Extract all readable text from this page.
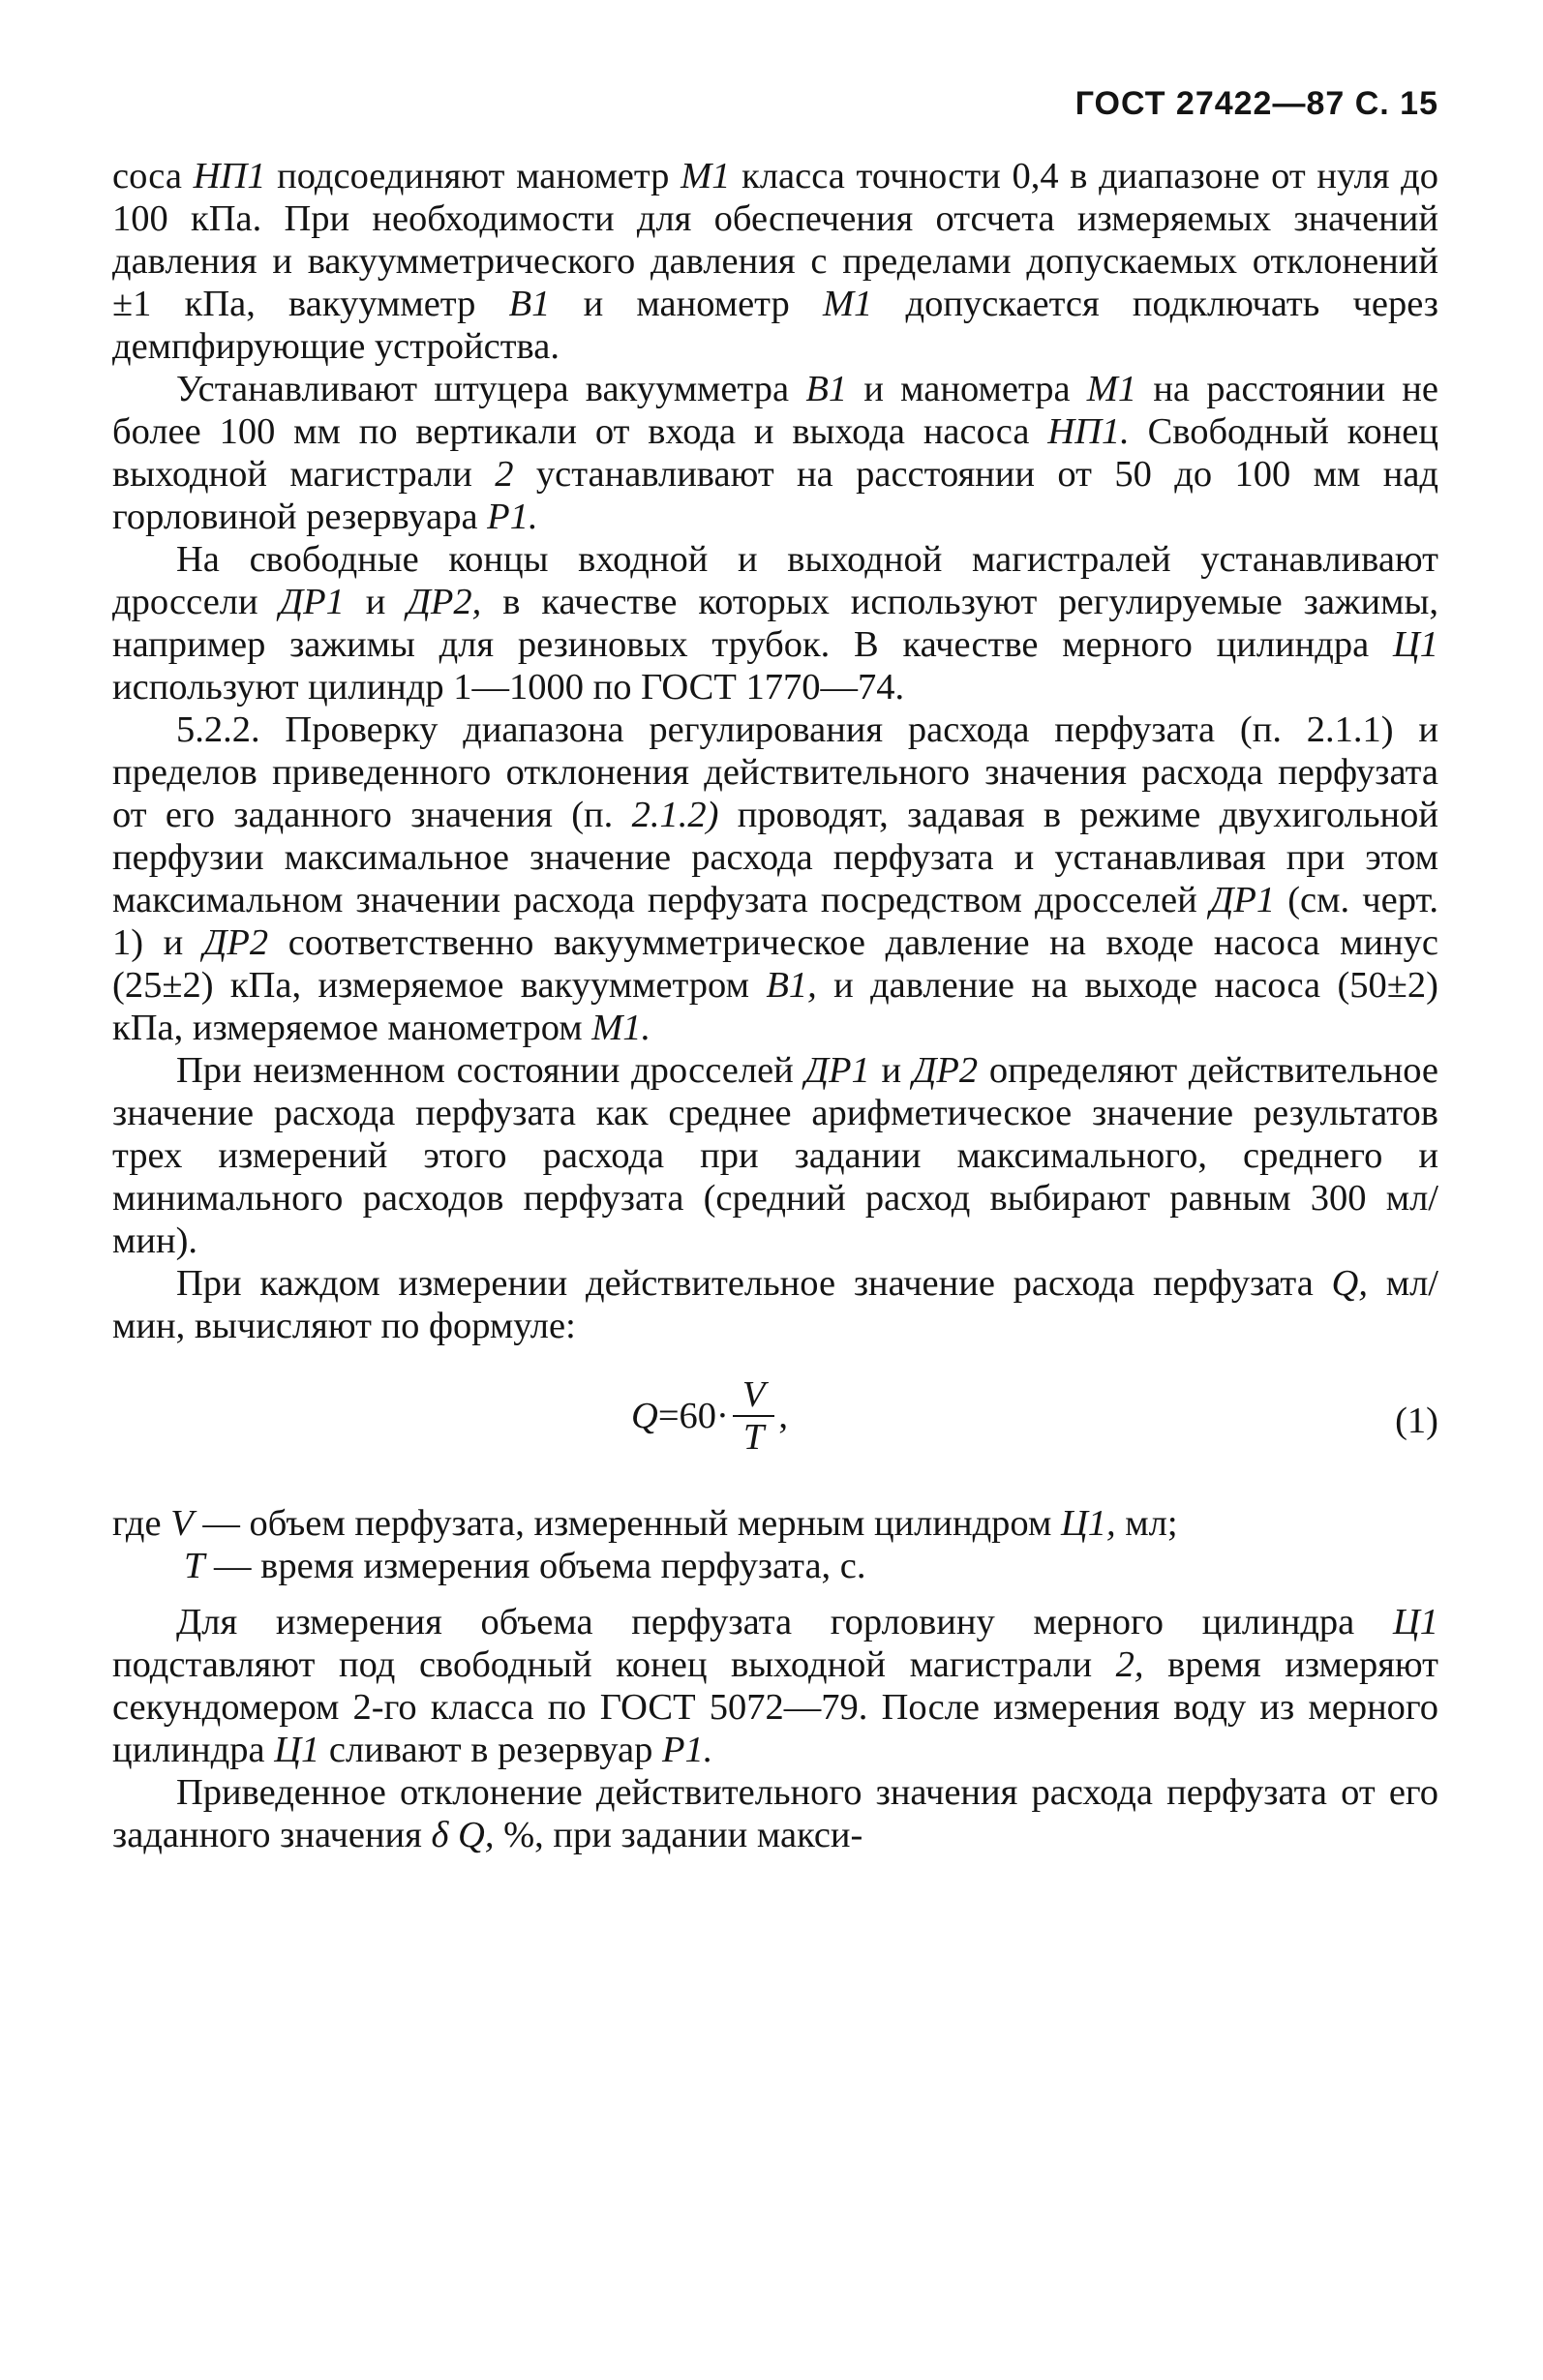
ГОСТ 27422—87 С. 15

соса НП1 подсоединяют манометр М1 класса точности 0,4 в диапазоне от нуля до 100 кПа. При необходимости для обеспечения отсчета измеряемых значений давления и вакуумметрического давления с пределами допускаемых отклонений ±1 кПа, вакуумметр В1 и манометр М1 допускается подключать через демпфирующие устройства.

Устанавливают штуцера вакуумметра В1 и манометра М1 на расстоянии не более 100 мм по вертикали от входа и выхода насоса НП1. Свободный конец выходной магистрали 2 устанавливают на расстоянии от 50 до 100 мм над горловиной резервуара Р1.

На свободные концы входной и выходной магистралей устанавливают дроссели ДР1 и ДР2, в качестве которых используют регулируемые зажимы, например зажимы для резиновых трубок. В качестве мерного цилиндра Ц1 используют цилиндр 1—1000 по ГОСТ 1770—74.

5.2.2. Проверку диапазона регулирования расхода перфузата (п. 2.1.1) и пределов приведенного отклонения действительного значения расхода перфузата от его заданного значения (п. 2.1.2) проводят, задавая в режиме двухигольной перфузии максимальное значение расхода перфузата и устанавливая при этом максимальном значении расхода перфузата посредством дросселей ДР1 (см. черт. 1) и ДР2 соответственно вакуумметрическое давление на входе насоса минус (25±2) кПа, измеряемое вакуумметром В1, и давление на выходе насоса (50±2) кПа, измеряемое манометром М1.

При неизменном состоянии дросселей ДР1 и ДР2 определяют действительное значение расхода перфузата как среднее арифметическое значение результатов трех измерений этого расхода при задании максимального, среднего и минимального расходов перфузата (средний расход выбирают равным 300 мл/мин).

При каждом измерении действительное значение расхода перфузата Q, мл/мин, вычисляют по формуле:

$Q =60\cdot \frac{V}{T}$ ,	(1)

где V — объем перфузата, измеренный мерным цилиндром Ц1, мл;
T — время измерения объема перфузата, с.

Для измерения объема перфузата горловину мерного цилиндра Ц1 подставляют под свободный конец выходной магистрали 2, время измеряют секундомером 2-го класса по ГОСТ 5072—79. После измерения воду из мерного цилиндра Ц1 сливают в резервуар Р1.

Приведенное отклонение действительного значения расхода перфузата от его заданного значения δ Q, %, при задании макси-
